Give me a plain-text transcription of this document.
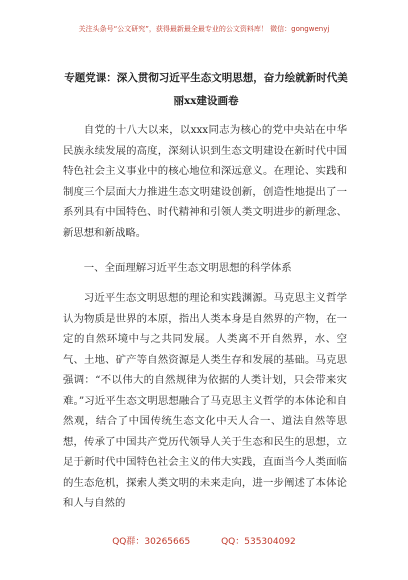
关注头条号“公文研究”，获得最新最全最专业的公文资料库！ 微信：gongwenyj
专题党课：深入贯彻习近平生态文明思想，奋力绘就新时代美丽xx建设画卷

自党的十八大以来，以xxx同志为核心的党中央站在中华民族永续发展的高度，深刻认识到生态文明建设在新时代中国特色社会主义事业中的核心地位和深远意义。在理论、实践和制度三个层面大力推进生态文明建设创新，创造性地提出了一系列具有中国特色、时代精神和引领人类文明进步的新理念、新思想和新战略。

一、全面理解习近平生态文明思想的科学体系

习近平生态文明思想的理论和实践渊源。马克思主义哲学认为物质是世界的本原，指出人类本身是自然界的产物，在一定的自然环境中与之共同发展。人类离不开自然界，水、空气、土地、矿产等自然资源是人类生存和发展的基础。马克思强调：“不以伟大的自然规律为依据的人类计划，只会带来灾难。”习近平生态文明思想融合了马克思主义哲学的本体论和自然观，结合了中国传统生态文化中天人合一、道法自然等思想，传承了中国共产党历代领导人关于生态和民生的思想，立足于新时代中国特色社会主义的伟大实践，直面当今人类面临的生态危机，探索人类文明的未来走向，进一步阐述了本体论和人与自然的

QQ群：30265665	QQ：535304092
